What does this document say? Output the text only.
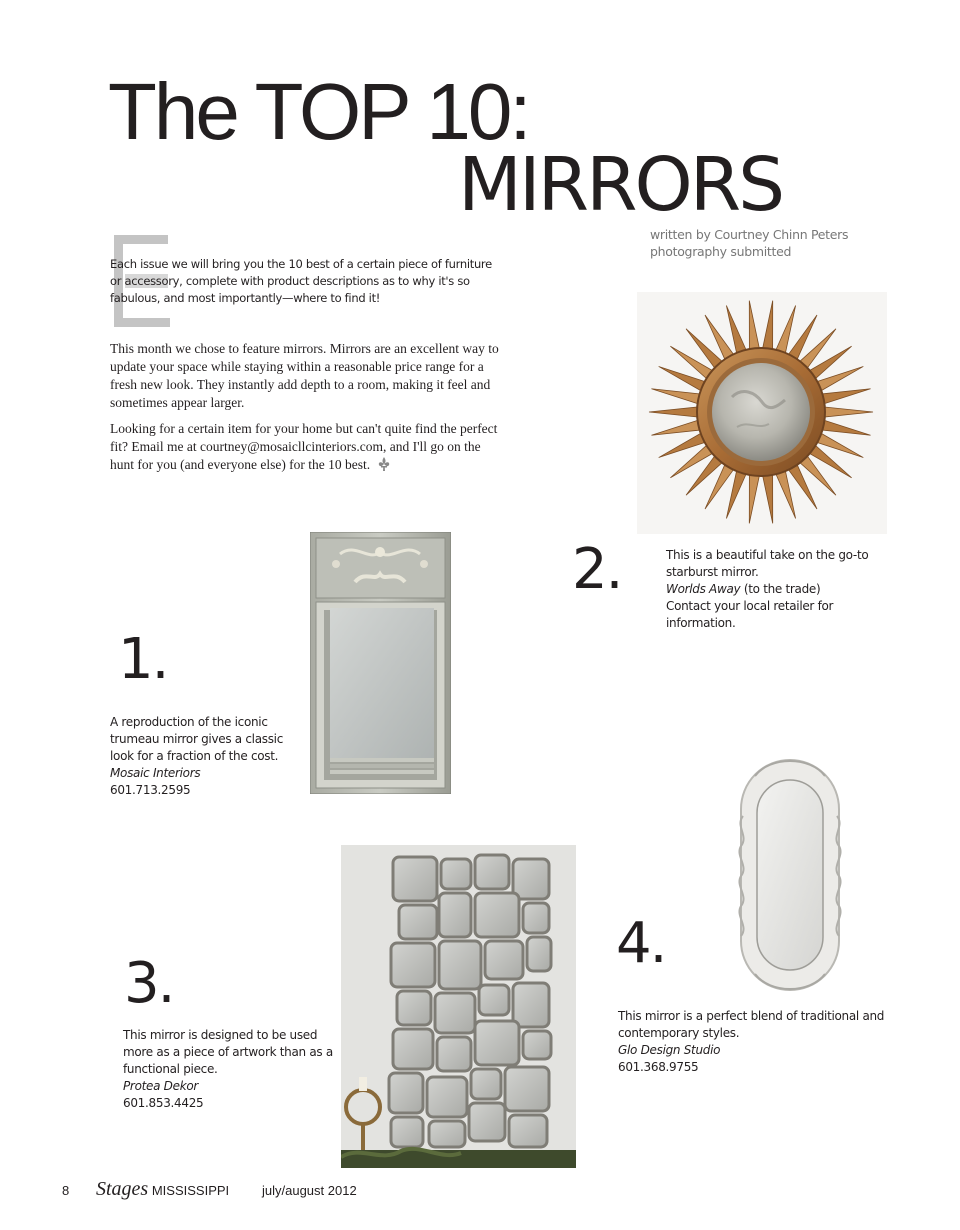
The TOP 10:
MIRRORS
written by Courtney Chinn Peters
photography submitted
Each issue we will bring you the 10 best of a certain piece of furniture
or accessory, complete with product descriptions as to why it's so
fabulous, and most importantly—where to find it!
This month we chose to feature mirrors. Mirrors are an excellent way to
update your space while staying within a reasonable price range for a
fresh new look. They instantly add depth to a room, making it feel and
sometimes appear larger.
Looking for a certain item for your home but can't quite find the perfect
fit? Email me at courtney@mosaicllcinteriors.com, and I'll go on the
hunt for you (and everyone else) for the 10 best.
2.	This is a beautiful take on the go-to
starburst mirror.
Worlds Away (to the trade)
Contact your local retailer for
information.
1.
A reproduction of the iconic
trumeau mirror gives a classic
look for a fraction of the cost.
Mosaic Interiors
601.713.2595
4.
This mirror is a perfect blend of traditional and
contemporary styles.
Glo Design Studio
601.368.9755
3.
This mirror is designed to be used
more as a piece of artwork than as a
functional piece.
Protea Dekor
601.853.4425
8 Stages MISSISSIPPI	july/august 2012
